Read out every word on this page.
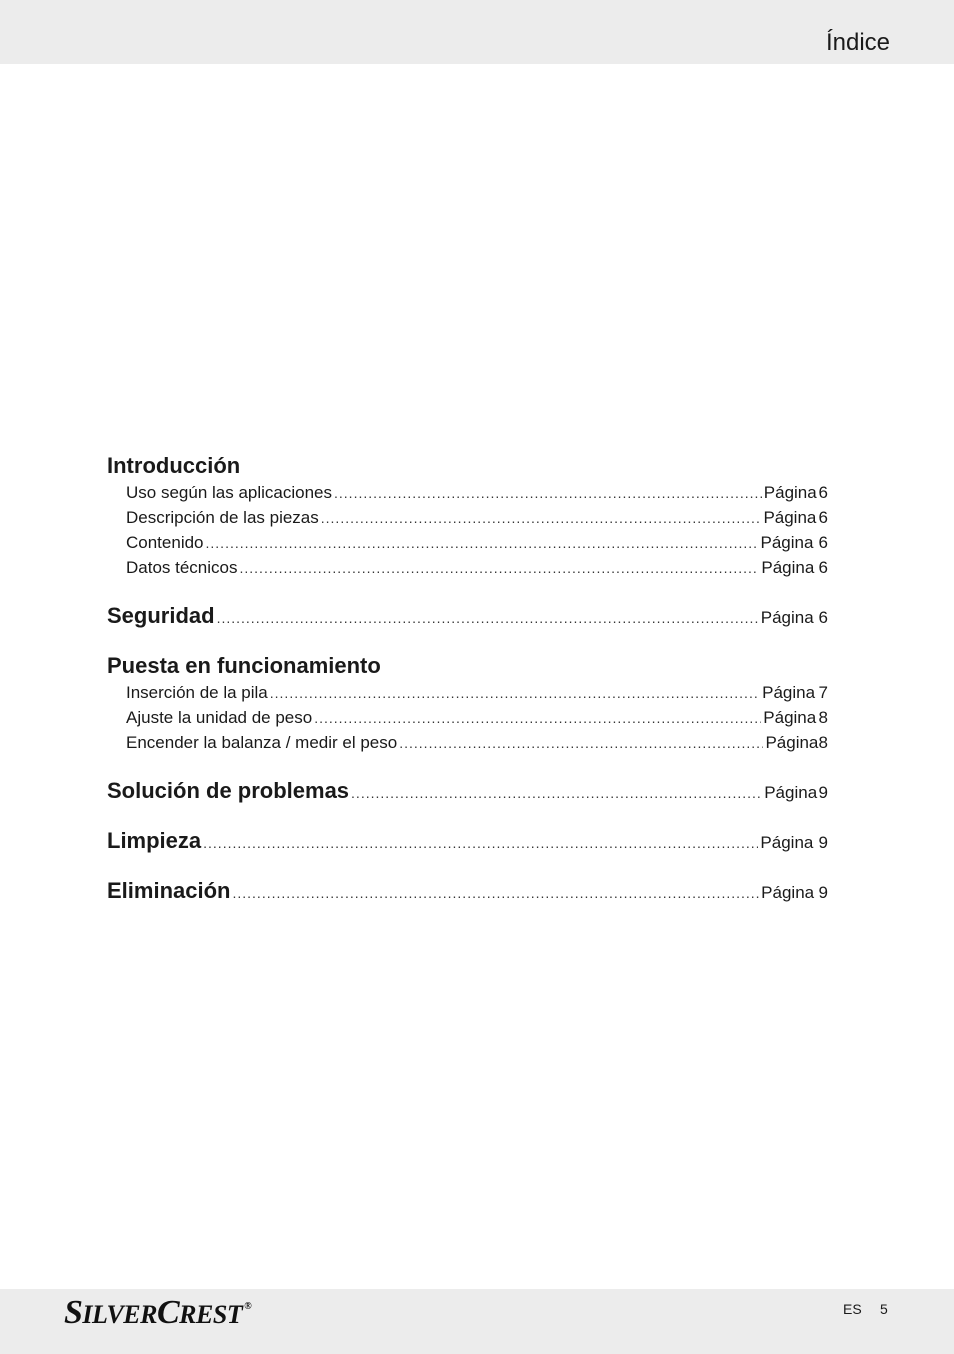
Índice
Introducción
Uso según las aplicaciones .....	Página 6
Descripción de las piezas .....	Página 6
Contenido .....	Página 6
Datos técnicos .....	Página 6
Seguridad .....	Página 6
Puesta en funcionamiento
Inserción de la pila .....	Página 7
Ajuste la unidad de peso .....	Página 8
Encender la balanza / medir el peso .....	Página 8
Solución de problemas .....	Página 9
Limpieza .....	Página 9
Eliminación .....	Página 9
S ILVER C REST ®	ES 5
